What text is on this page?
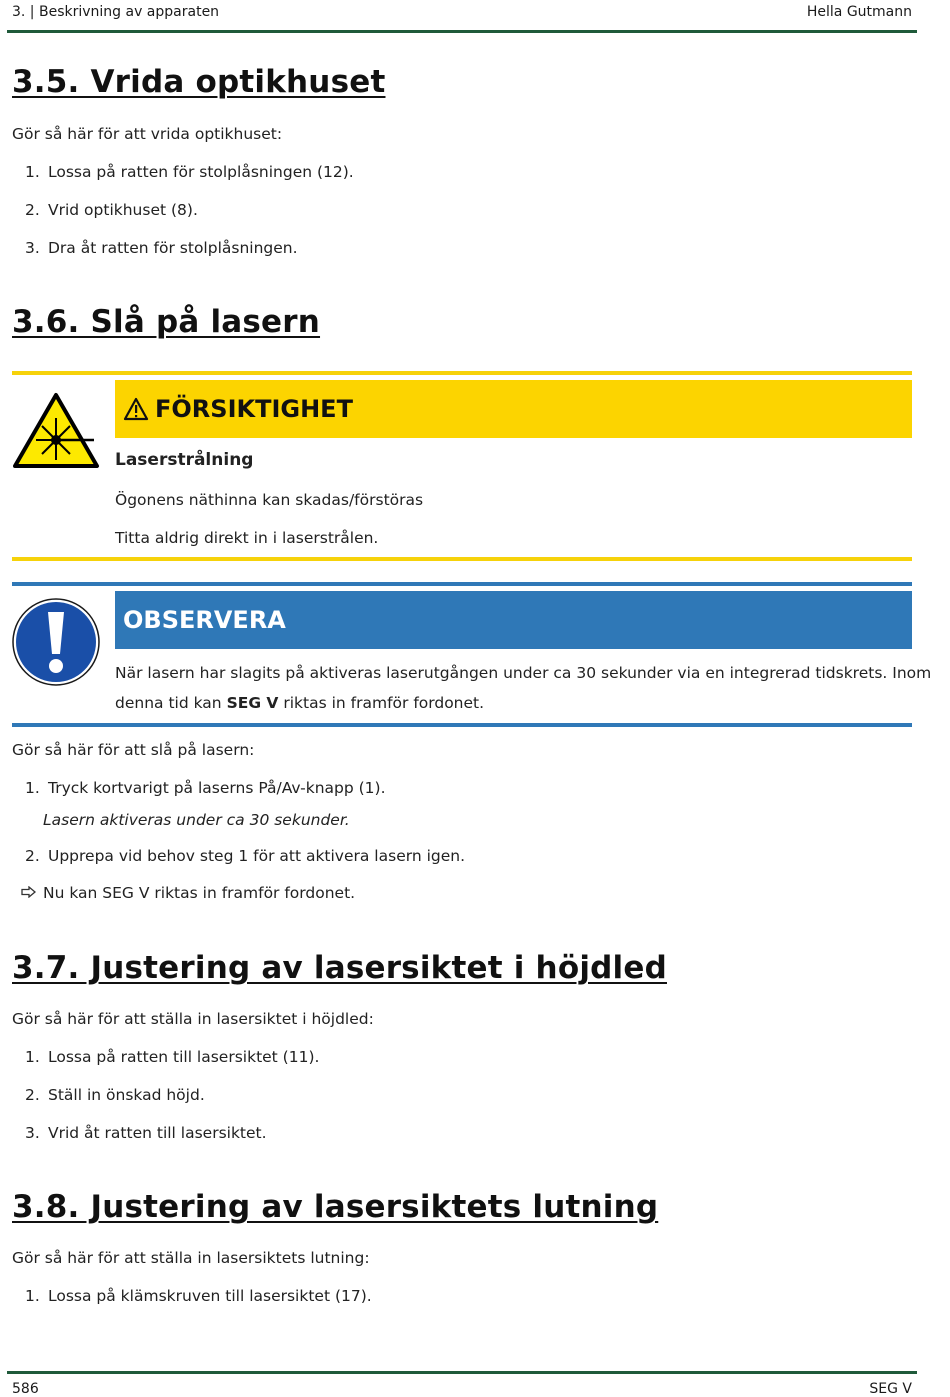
3. | Beskrivning av apparaten	Hella Gutmann
3.5. Vrida optikhuset
Gör så här för att vrida optikhuset:
1. Lossa på ratten för stolplåsningen (12).
2. Vrid optikhuset (8).
3. Dra åt ratten för stolplåsningen.
3.6. Slå på lasern
FÖRSIKTIGHET
Laserstrålning
Ögonens näthinna kan skadas/förstöras
Titta aldrig direkt in i laserstrålen.
OBSERVERA
När lasern har slagits på aktiveras laserutgången under ca 30 sekunder via en integrerad tidskrets. Inom
denna tid kan SEG V riktas in framför fordonet.
Gör så här för att slå på lasern:
1. Tryck kortvarigt på laserns På/Av-knapp (1).
Lasern aktiveras under ca 30 sekunder.
2. Upprepa vid behov steg 1 för att aktivera lasern igen.
Nu kan SEG V riktas in framför fordonet.
3.7. Justering av lasersiktet i höjdled
Gör så här för att ställa in lasersiktet i höjdled:
1. Lossa på ratten till lasersiktet (11).
2. Ställ in önskad höjd.
3. Vrid åt ratten till lasersiktet.
3.8. Justering av lasersiktets lutning
Gör så här för att ställa in lasersiktets lutning:
1. Lossa på klämskruven till lasersiktet (17).
586	SEG V
